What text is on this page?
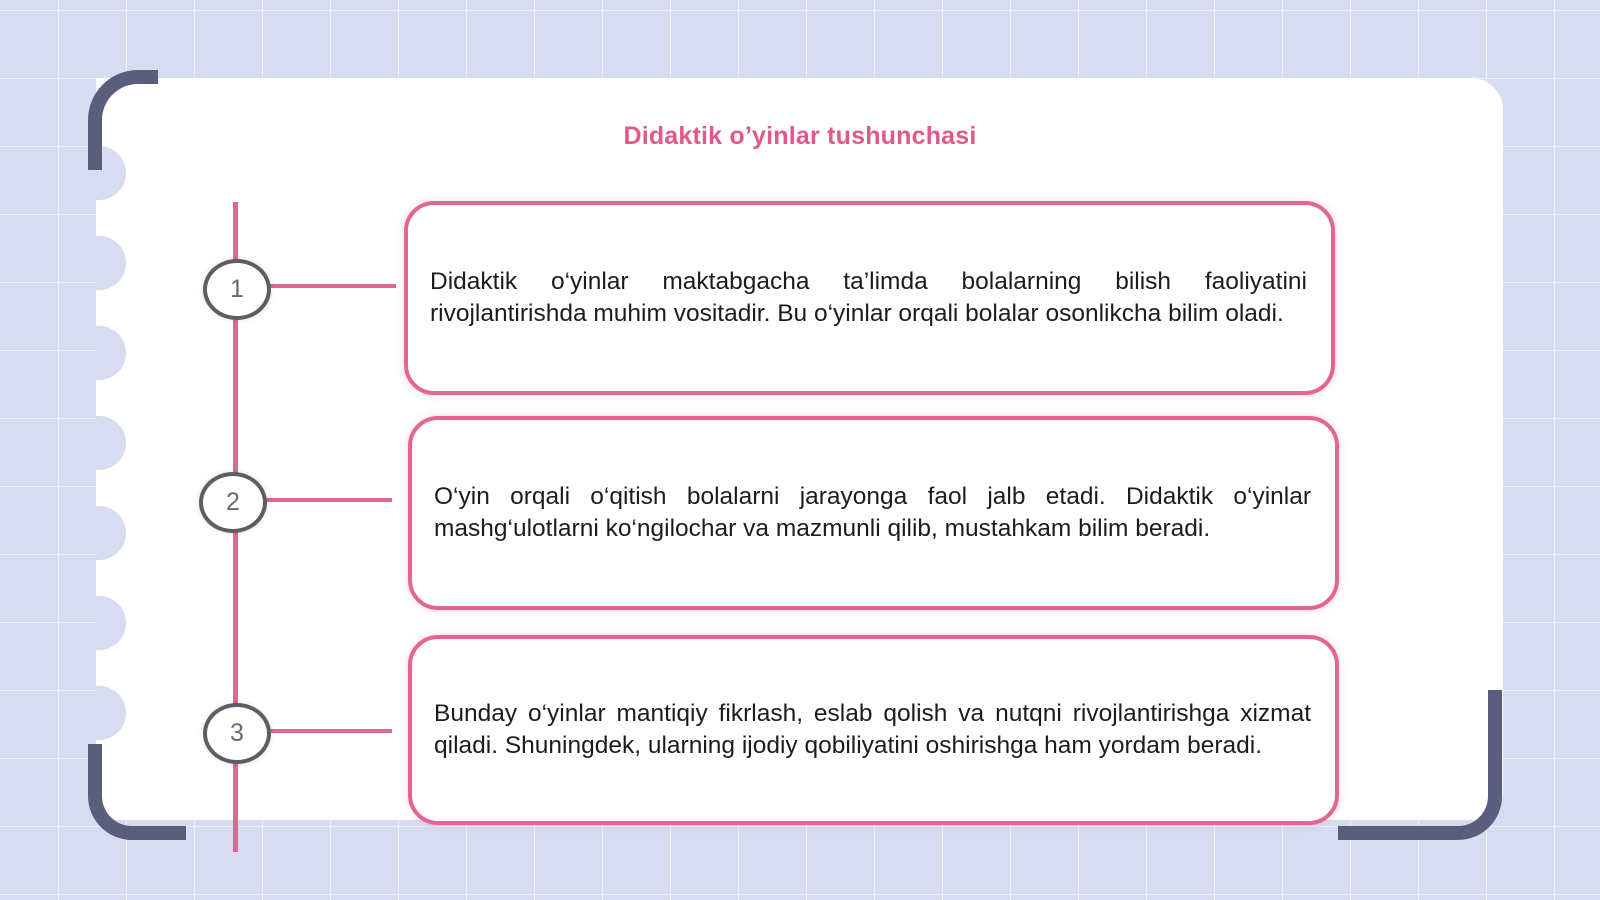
Didaktik o’yinlar tushunchasi
1
2
3

Didaktik o‘yinlar maktabgacha ta’limda bolalarning bilish faoliyatini rivojlantirishda muhim vositadir. Bu o‘yinlar orqali bolalar osonlikcha bilim oladi.

O‘yin orqali o‘qitish bolalarni jarayonga faol jalb etadi. Didaktik o‘yinlar mashg‘ulotlarni ko‘ngilochar va mazmunli qilib, mustahkam bilim beradi.

Bunday o‘yinlar mantiqiy fikrlash, eslab qolish va nutqni rivojlantirishga xizmat qiladi. Shuningdek, ularning ijodiy qobiliyatini oshirishga ham yordam beradi.
